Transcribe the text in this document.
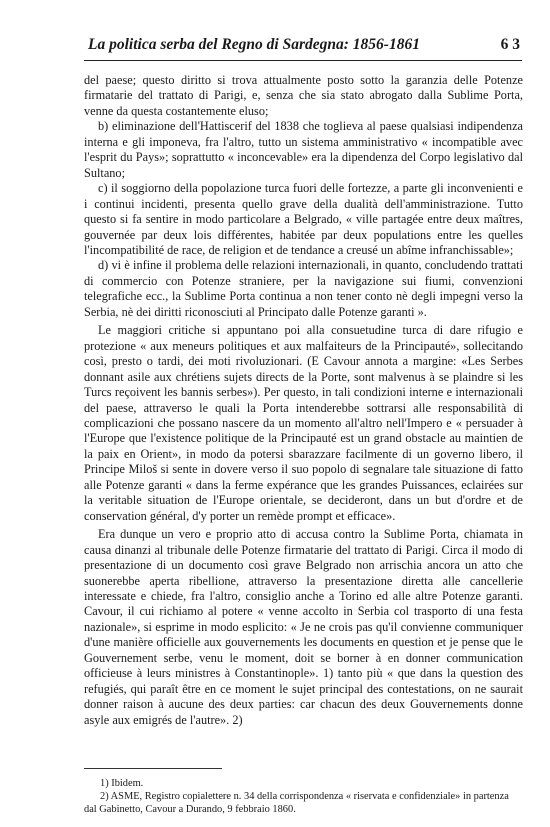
La politica serba del Regno di Sardegna: 1856-1861	6 3

del paese; questo diritto si trova attualmente posto sotto la garanzia delle Potenze firmatarie del trattato di Parigi, e, senza che sia stato abrogato dalla Sublime Porta, venne da questa costantemente eluso;

b) eliminazione dell'Hattiscerif del 1838 che toglieva al paese qualsiasi indipendenza interna e gli imponeva, fra l'altro, tutto un sistema amministrativo « incompatible avec l'esprit du Pays»; soprattutto « inconcevable» era la dipendenza del Corpo legislativo dal Sultano;

c) il soggiorno della popolazione turca fuori delle fortezze, a parte gli inconvenienti e i continui incidenti, presenta quello grave della dualità dell'amministrazione. Tutto questo si fa sentire in modo particolare a Belgrado, « ville partagée entre deux maîtres, gouvernée par deux lois différentes, habitée par deux populations entre les quelles l'incompatibilité de race, de religion et de tendance a creusé un abîme infranchissable»;

d) vi è infine il problema delle relazioni internazionali, in quanto, concludendo trattati di commercio con Potenze straniere, per la navigazione sui fiumi, convenzioni telegrafiche ecc., la Sublime Porta continua a non tener conto nè degli impegni verso la Serbia, nè dei diritti riconosciuti al Principato dalle Potenze garanti ».

Le maggiori critiche si appuntano poi alla consuetudine turca di dare rifugio e protezione « aux meneurs politiques et aux malfaiteurs de la Principauté», sollecitando così, presto o tardi, dei moti rivoluzionari. (E Cavour annota a margine: «Les Serbes donnant asile aux chrétiens sujets directs de la Porte, sont malvenus à se plaindre si les Turcs reçoivent les bannis serbes»). Per questo, in tali condizioni interne e internazionali del paese, attraverso le quali la Porta intenderebbe sottrarsi alle responsabilità di complicazioni che possano nascere da un momento all'altro nell'Impero e « persuader à l'Europe que l'existence politique de la Principauté est un grand obstacle au maintien de la paix en Orient», in modo da potersi sbarazzare facilmente di un governo libero, il Principe Miloš si sente in dovere verso il suo popolo di segnalare tale situazione di fatto alle Potenze garanti « dans la ferme expérance que les grandes Puissances, eclairées sur la veritable situation de l'Europe orientale, se decideront, dans un but d'ordre et de conservation général, d'y porter un remède prompt et efficace».

Era dunque un vero e proprio atto di accusa contro la Sublime Porta, chiamata in causa dinanzi al tribunale delle Potenze firmatarie del trattato di Parigi. Circa il modo di presentazione di un documento così grave Belgrado non arrischia ancora un atto che suonerebbe aperta ribellione, attraverso la presentazione diretta alle cancellerie interessate e chiede, fra l'altro, consiglio anche a Torino ed alle altre Potenze garanti. Cavour, il cui richiamo al potere « venne accolto in Serbia col trasporto di una festa nazionale», si esprime in modo esplicito: « Je ne crois pas qu'il convienne communiquer d'une manière officielle aux gouvernements les documents en question et je pense que le Gouvernement serbe, venu le moment, doit se borner à en donner communication officieuse à leurs ministres à Constantinople». 1) tanto più « que dans la question des refugiés, qui paraît être en ce moment le sujet principal des contestations, on ne saurait donner raison à aucune des deux parties: car chacun des deux Gouvernements donne asyle aux emigrés de l'autre». 2)

1) Ibidem.

2) ASME, Registro copialettere n. 34 della corrispondenza « riservata e confidenziale» in partenza dal Gabinetto, Cavour a Durando, 9 febbraio 1860.
